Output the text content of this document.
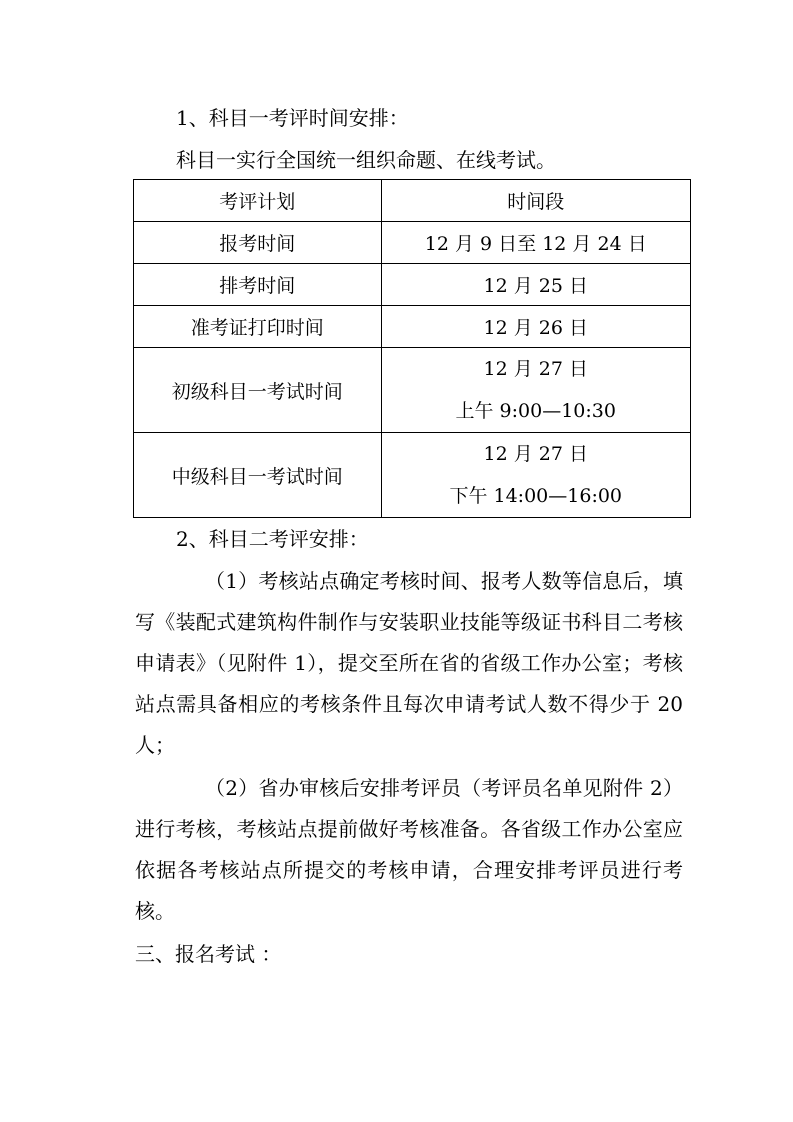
1、科目一考评时间安排：
科目一实行全国统一组织命题、在线考试。
考评计划	时间段
报考时间	12 月 9 日至 12 月 24 日
排考时间	12 月 25 日
准考证打印时间	12 月 26 日
初级科目一考试时间	12 月 27 日
上午 9:00—10:30

中级科目一考试时间	12 月 27 日
下午 14:00—16:00
2、科目二考评安排：
（1）考核站点确定考核时间、报考人数等信息后，填写《装配式建筑构件制作与安装职业技能等级证书科目二考核申请表》（见附件 1），提交至所在省的省级工作办公室；考核站点需具备相应的考核条件且每次申请考试人数不得少于 20 人；
（2）省办审核后安排考评员（考评员名单见附件 2）进行考核，考核站点提前做好考核准备。各省级工作办公室应依据各考核站点所提交的考核申请，合理安排考评员进行考核。
三、报名考试 ：
